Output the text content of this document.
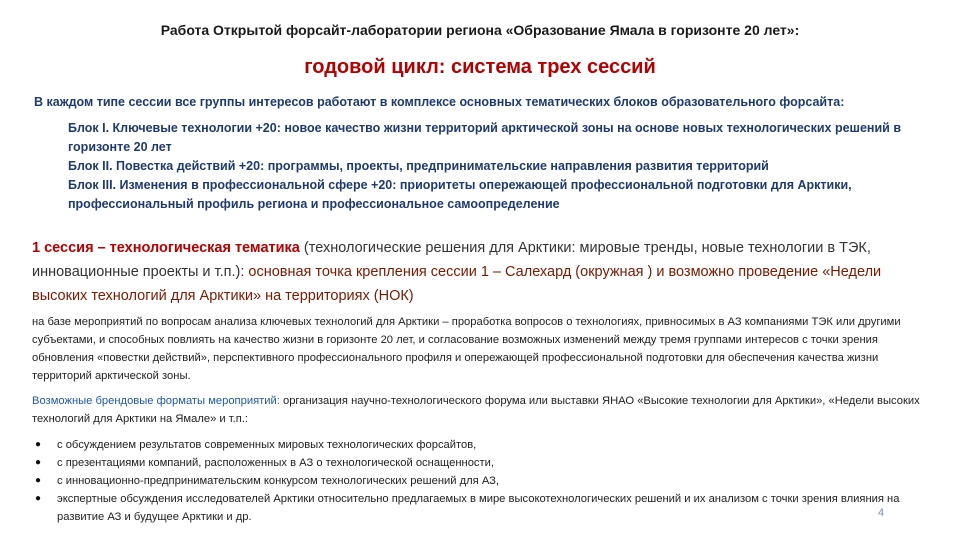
Работа Открытой форсайт-лаборатории региона «Образование Ямала в горизонте 20 лет»:
годовой цикл: система трех сессий
В каждом типе сессии все группы интересов работают в комплексе основных тематических блоков образовательного форсайта:
Блок I. Ключевые технологии +20: новое качество жизни территорий арктической зоны на основе новых технологических решений в горизонте 20 лет
Блок II. Повестка действий +20: программы, проекты, предпринимательские направления развития территорий
Блок III. Изменения в профессиональной сфере +20: приоритеты опережающей профессиональной подготовки для Арктики, профессиональный профиль региона и профессиональное самоопределение
1 сессия – технологическая тематика (технологические решения для Арктики: мировые тренды, новые технологии в ТЭК, инновационные проекты и т.п.): основная точка крепления сессии 1 – Салехард (окружная ) и возможно проведение «Недели высоких технологий для Арктики» на территориях (НОК)
на базе мероприятий по вопросам анализа ключевых технологий для Арктики – проработка вопросов о технологиях, привносимых в АЗ компаниями ТЭК или другими субъектами, и способных повлиять на качество жизни в горизонте 20 лет, и согласование возможных изменений между тремя группами интересов с точки зрения обновления «повестки действий», перспективного профессионального профиля и опережающей профессиональной подготовки для обеспечения качества жизни территорий арктической зоны.
Возможные брендовые форматы мероприятий: организация научно-технологического форума или выставки ЯНАО «Высокие технологии для Арктики», «Недели высоких технологий для Арктики на Ямале» и т.п.:
● с обсуждением результатов современных мировых технологических форсайтов,
● с презентациями компаний, расположенных в АЗ о технологической оснащенности,
● с инновационно-предпринимательским конкурсом технологических решений для АЗ,
● экспертные обсуждения исследователей Арктики относительно предлагаемых в мире высокотехнологических решений и их анализом с точки зрения влияния на развитие АЗ и будущее Арктики и др.	4
